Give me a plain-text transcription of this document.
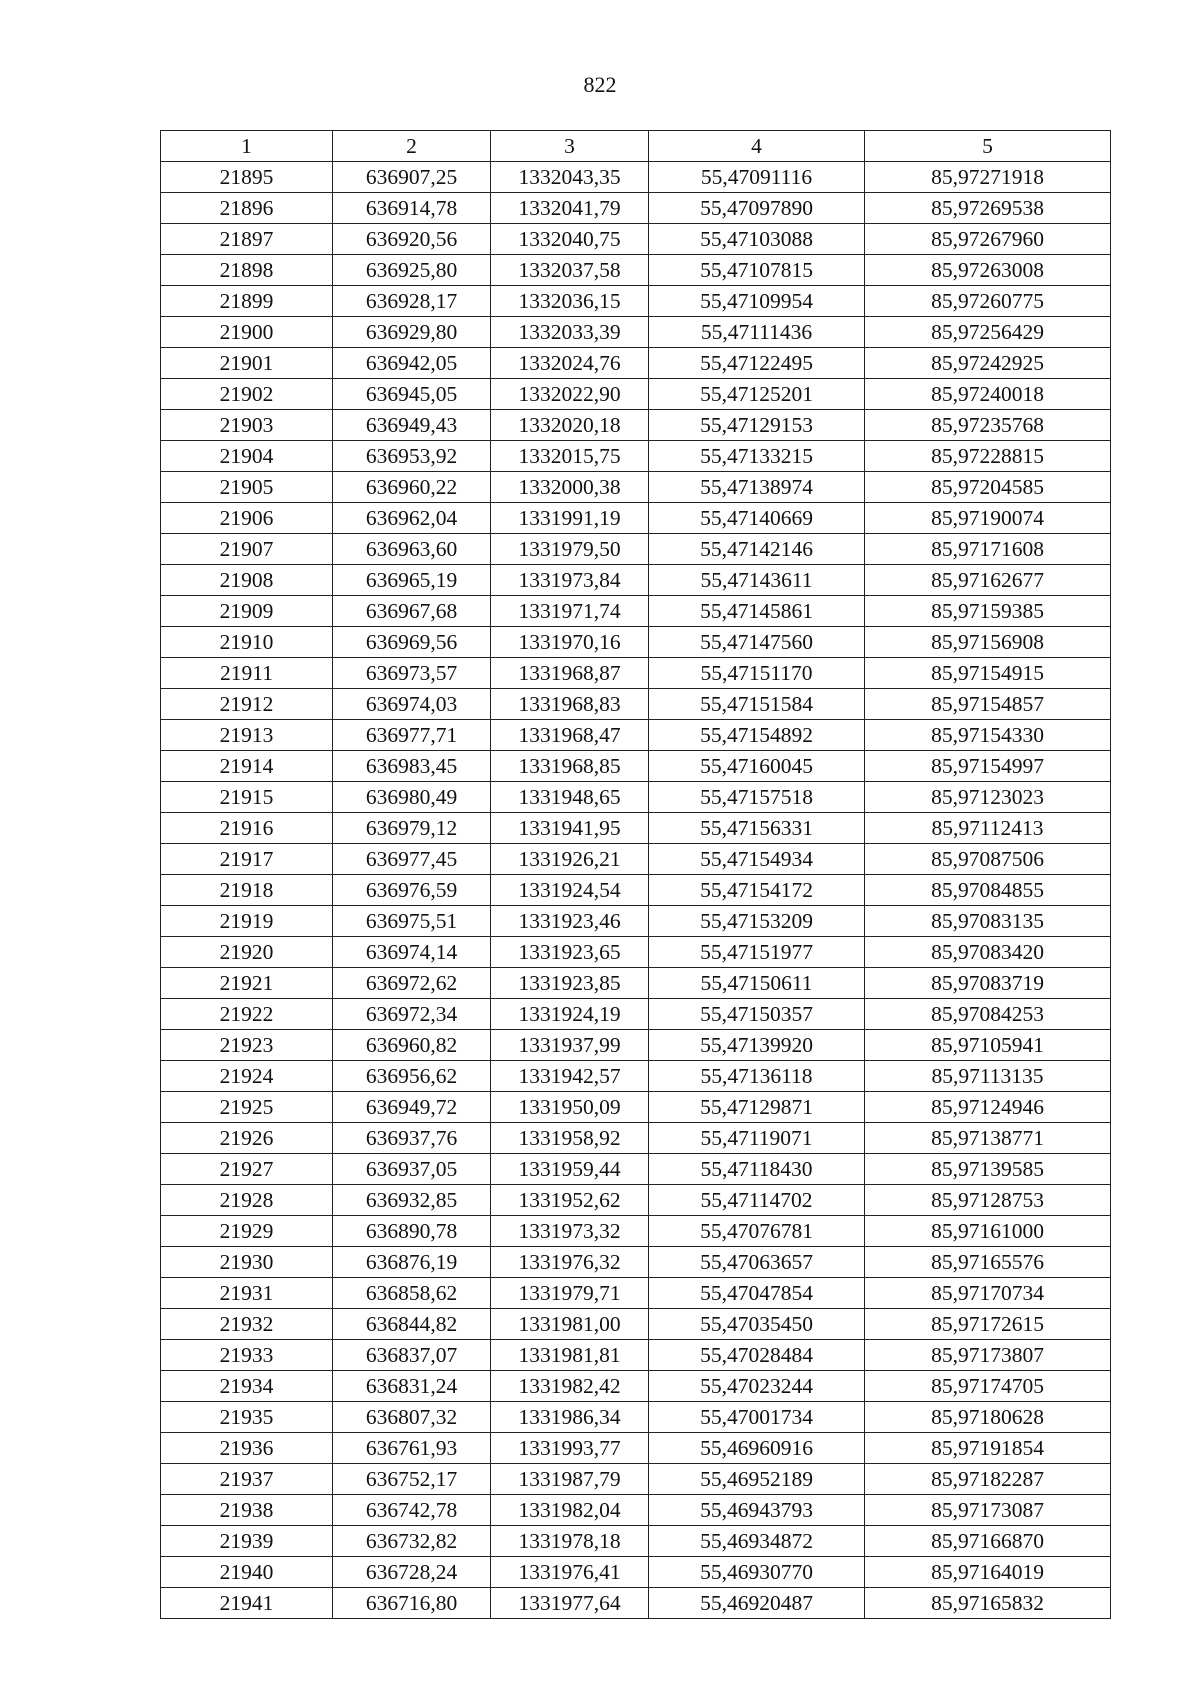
822
1	2	3	4	5
21895	636907,25	1332043,35	55,47091116	85,97271918
21896	636914,78	1332041,79	55,47097890	85,97269538
21897	636920,56	1332040,75	55,47103088	85,97267960
21898	636925,80	1332037,58	55,47107815	85,97263008
21899	636928,17	1332036,15	55,47109954	85,97260775
21900	636929,80	1332033,39	55,47111436	85,97256429
21901	636942,05	1332024,76	55,47122495	85,97242925
21902	636945,05	1332022,90	55,47125201	85,97240018
21903	636949,43	1332020,18	55,47129153	85,97235768
21904	636953,92	1332015,75	55,47133215	85,97228815
21905	636960,22	1332000,38	55,47138974	85,97204585
21906	636962,04	1331991,19	55,47140669	85,97190074
21907	636963,60	1331979,50	55,47142146	85,97171608
21908	636965,19	1331973,84	55,47143611	85,97162677
21909	636967,68	1331971,74	55,47145861	85,97159385
21910	636969,56	1331970,16	55,47147560	85,97156908
21911	636973,57	1331968,87	55,47151170	85,97154915
21912	636974,03	1331968,83	55,47151584	85,97154857
21913	636977,71	1331968,47	55,47154892	85,97154330
21914	636983,45	1331968,85	55,47160045	85,97154997
21915	636980,49	1331948,65	55,47157518	85,97123023
21916	636979,12	1331941,95	55,47156331	85,97112413
21917	636977,45	1331926,21	55,47154934	85,97087506
21918	636976,59	1331924,54	55,47154172	85,97084855
21919	636975,51	1331923,46	55,47153209	85,97083135
21920	636974,14	1331923,65	55,47151977	85,97083420
21921	636972,62	1331923,85	55,47150611	85,97083719
21922	636972,34	1331924,19	55,47150357	85,97084253
21923	636960,82	1331937,99	55,47139920	85,97105941
21924	636956,62	1331942,57	55,47136118	85,97113135
21925	636949,72	1331950,09	55,47129871	85,97124946
21926	636937,76	1331958,92	55,47119071	85,97138771
21927	636937,05	1331959,44	55,47118430	85,97139585
21928	636932,85	1331952,62	55,47114702	85,97128753
21929	636890,78	1331973,32	55,47076781	85,97161000
21930	636876,19	1331976,32	55,47063657	85,97165576
21931	636858,62	1331979,71	55,47047854	85,97170734
21932	636844,82	1331981,00	55,47035450	85,97172615
21933	636837,07	1331981,81	55,47028484	85,97173807
21934	636831,24	1331982,42	55,47023244	85,97174705
21935	636807,32	1331986,34	55,47001734	85,97180628
21936	636761,93	1331993,77	55,46960916	85,97191854
21937	636752,17	1331987,79	55,46952189	85,97182287
21938	636742,78	1331982,04	55,46943793	85,97173087
21939	636732,82	1331978,18	55,46934872	85,97166870
21940	636728,24	1331976,41	55,46930770	85,97164019
21941	636716,80	1331977,64	55,46920487	85,97165832
